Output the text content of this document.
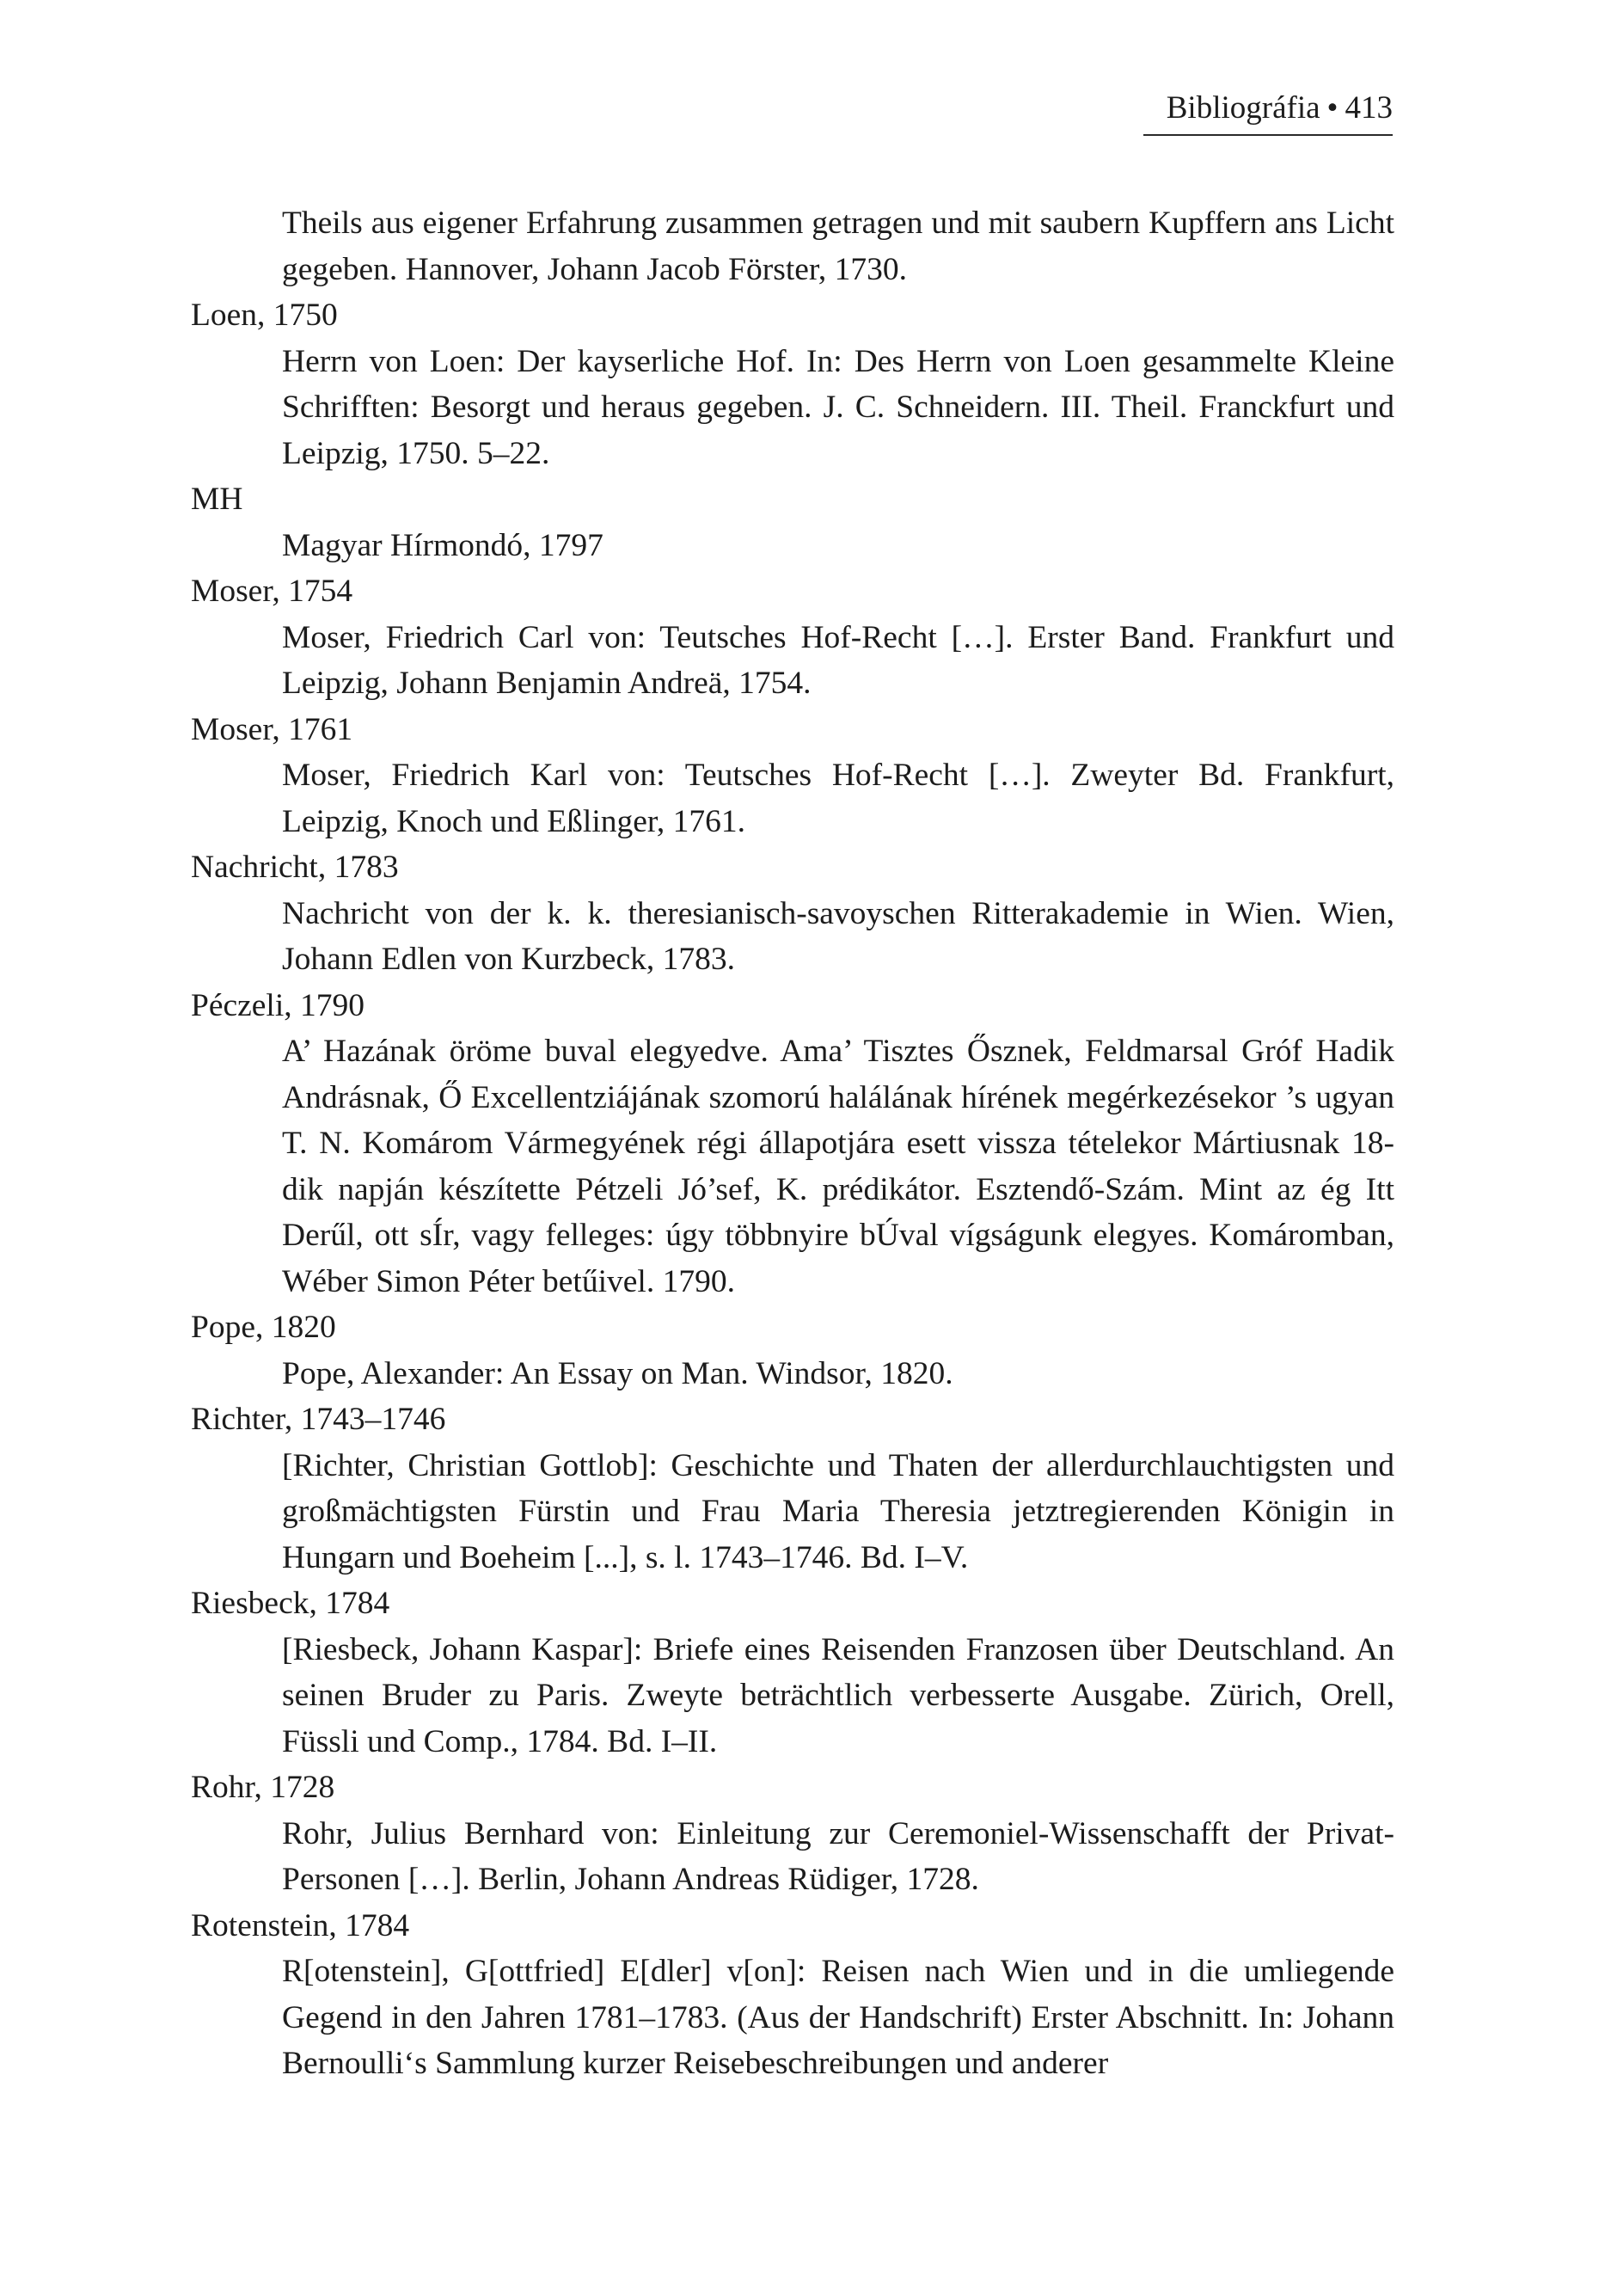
Bibliográfia • 413

Theils aus eigener Erfahrung zusammen getragen und mit saubern Kupffern ans Licht gegeben. Hannover, Johann Jacob Förster, 1730.

Loen, 1750

Herrn von Loen: Der kayserliche Hof. In: Des Herrn von Loen gesammelte Kleine Schrifften: Besorgt und heraus gegeben. J. C. Schneidern. III. Theil. Franckfurt und Leipzig, 1750. 5–22.

MH

Magyar Hírmondó, 1797

Moser, 1754

Moser, Friedrich Carl von: Teutsches Hof-Recht […]. Erster Band. Frankfurt und Leipzig, Johann Benjamin Andreä, 1754.

Moser, 1761

Moser, Friedrich Karl von: Teutsches Hof-Recht […]. Zweyter Bd. Frankfurt, Leipzig, Knoch und Eßlinger, 1761.

Nachricht, 1783

Nachricht von der k. k. theresianisch-savoyschen Ritterakademie in Wien. Wien, Johann Edlen von Kurzbeck, 1783.

Péczeli, 1790

A’ Hazának öröme buval elegyedve. Ama’ Tisztes Ősznek, Feldmarsal Gróf Hadik Andrásnak, Ő Excellentziájának szomorú halálának hírének megérkezésekor ’s ugyan T. N. Komárom Vármegyének régi állapotjára esett vissza tételekor Mártiusnak 18-dik napján készítette Pétzeli Jó’sef, K. prédikátor. Esztendő-Szám. Mint az ég Itt Derűl, ott sÍr, vagy felleges: úgy többnyire bÚval vígságunk elegyes. Komáromban, Wéber Simon Péter betűivel. 1790.

Pope, 1820

Pope, Alexander: An Essay on Man. Windsor, 1820.

Richter, 1743–1746

[Richter, Christian Gottlob]: Geschichte und Thaten der allerdurchlauchtigsten und großmächtigsten Fürstin und Frau Maria Theresia jetztregierenden Königin in Hungarn und Boeheim [...], s. l. 1743–1746. Bd. I–V.

Riesbeck, 1784

[Riesbeck, Johann Kaspar]: Briefe eines Reisenden Franzosen über Deutschland. An seinen Bruder zu Paris. Zweyte beträchtlich verbesserte Ausgabe. Zürich, Orell, Füssli und Comp., 1784. Bd. I–II.

Rohr, 1728

Rohr, Julius Bernhard von: Einleitung zur Ceremoniel-Wissenschafft der Privat-Personen […]. Berlin, Johann Andreas Rüdiger, 1728.

Rotenstein, 1784

R[otenstein], G[ottfried] E[dler] v[on]: Reisen nach Wien und in die umliegende Gegend in den Jahren 1781–1783. (Aus der Handschrift) Erster Abschnitt. In: Johann Bernoulli‘s Sammlung kurzer Reisebeschreibungen und anderer
